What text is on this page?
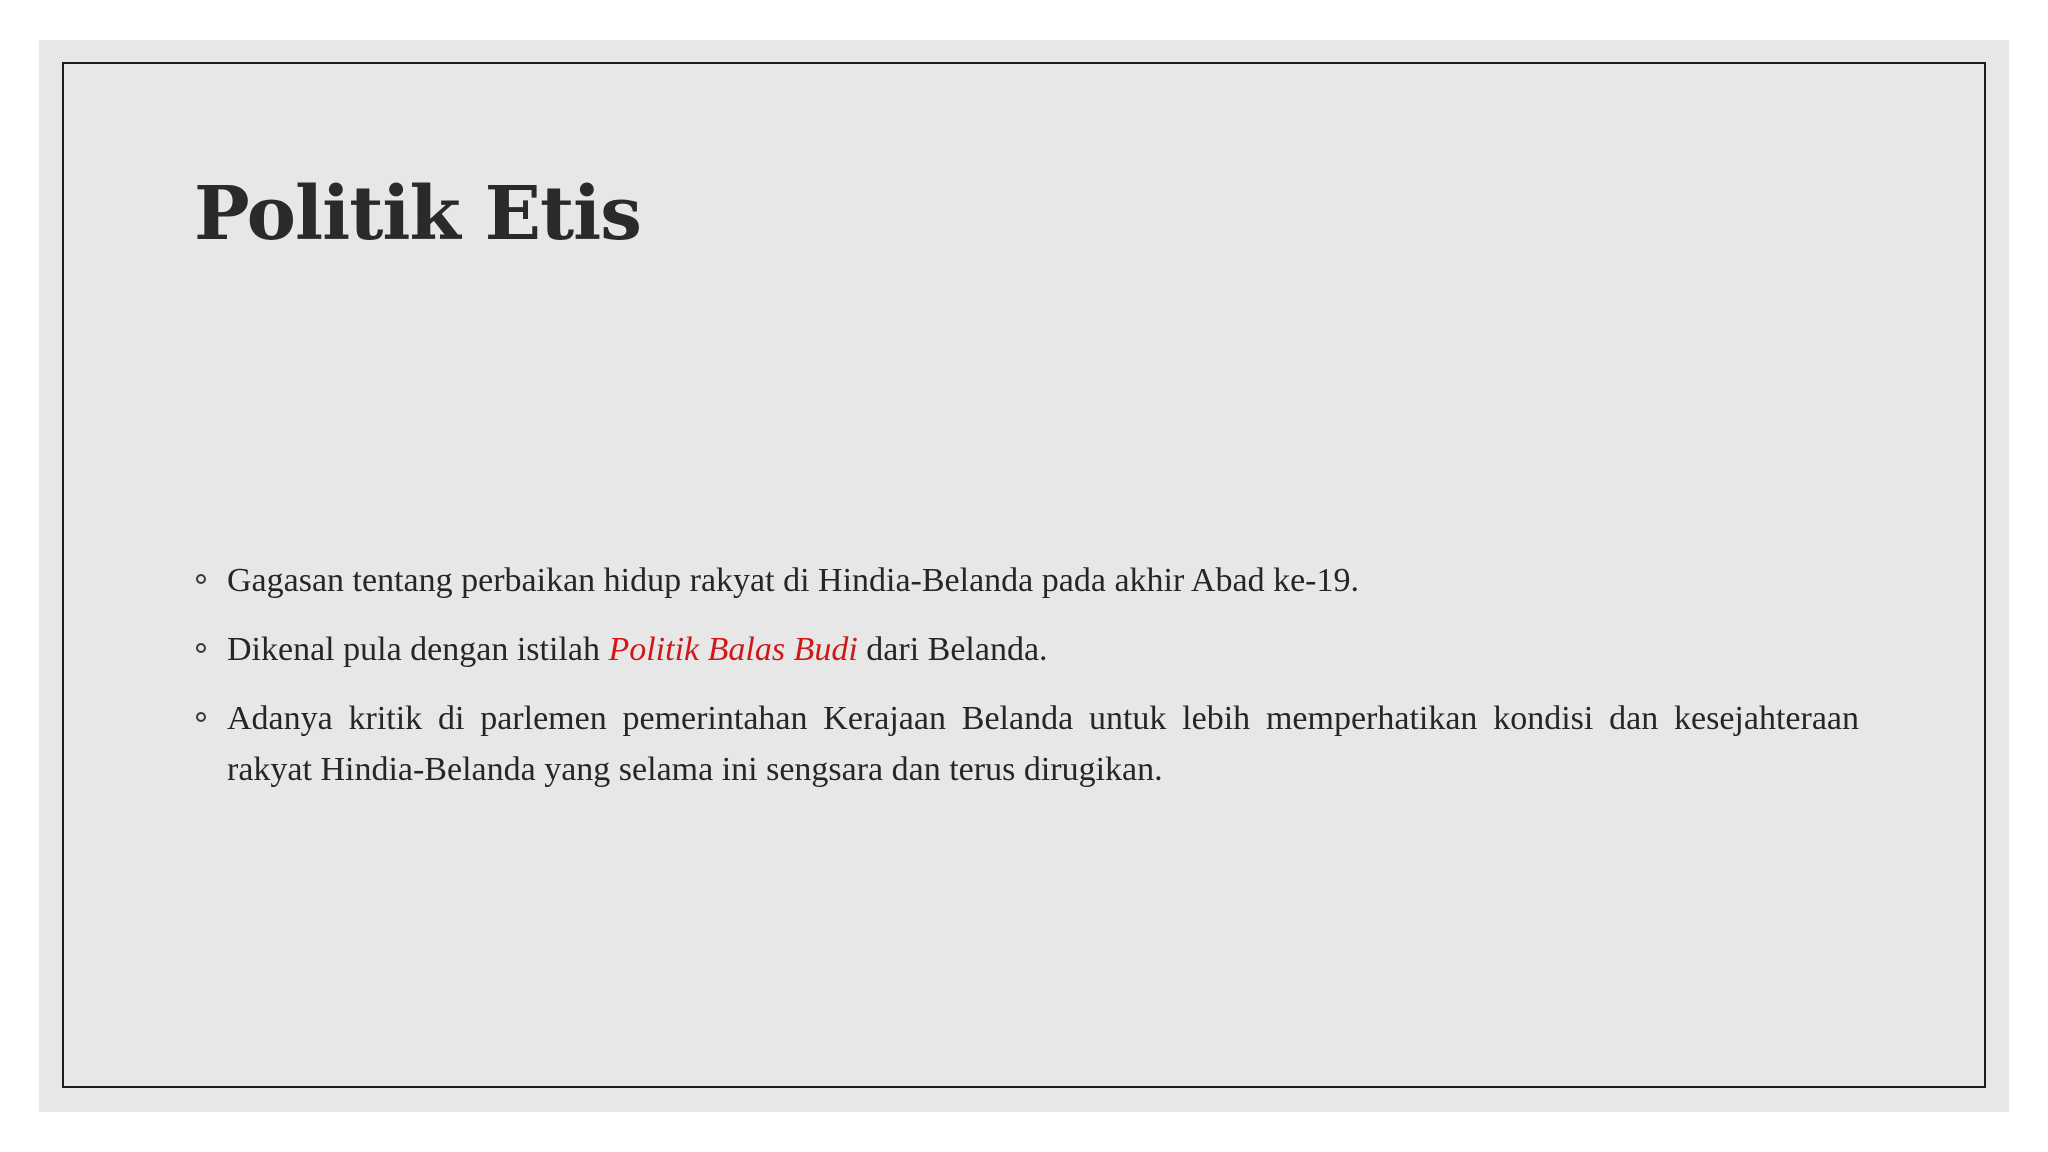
Politik Etis
Gagasan tentang perbaikan hidup rakyat di Hindia-Belanda pada akhir Abad ke-19.
Dikenal pula dengan istilah Politik Balas Budi dari Belanda.
Adanya kritik di parlemen pemerintahan Kerajaan Belanda untuk lebih memperhatikan kondisi dan kesejahteraan rakyat Hindia-Belanda yang selama ini sengsara dan terus dirugikan.
